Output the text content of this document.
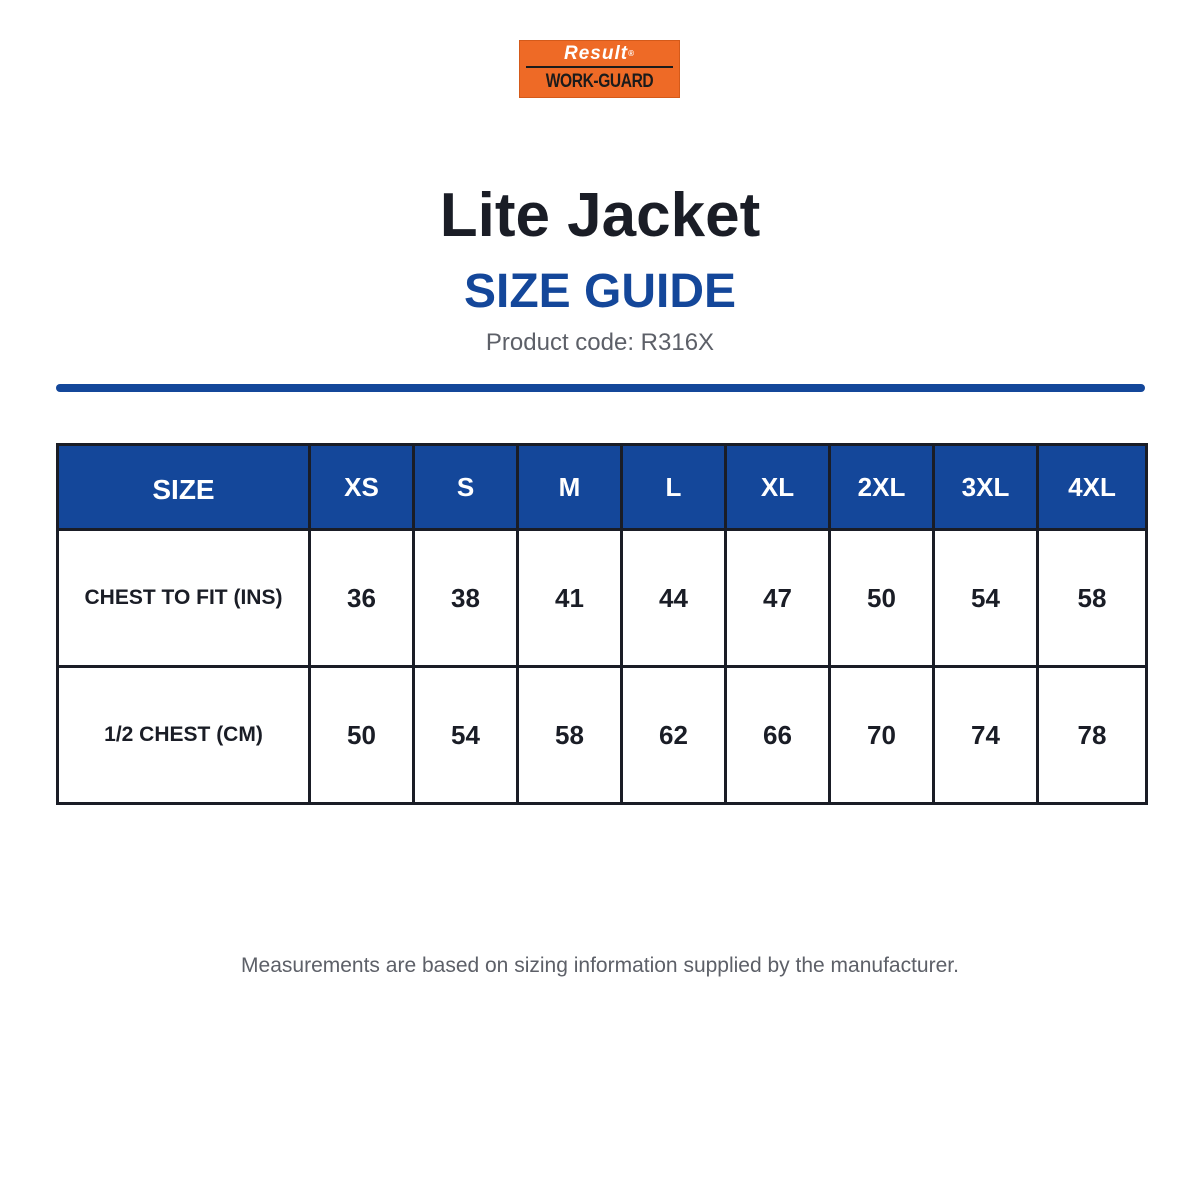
Result®
WORK-GUARD
Lite Jacket
SIZE GUIDE
Product code: R316X
SIZE	XS	S	M	L	XL	2XL	3XL	4XL
CHEST TO FIT (INS)	36	38	41	44	47	50	54	58
1/2 CHEST (CM)	50	54	58	62	66	70	74	78
Measurements are based on sizing information supplied by the manufacturer.
